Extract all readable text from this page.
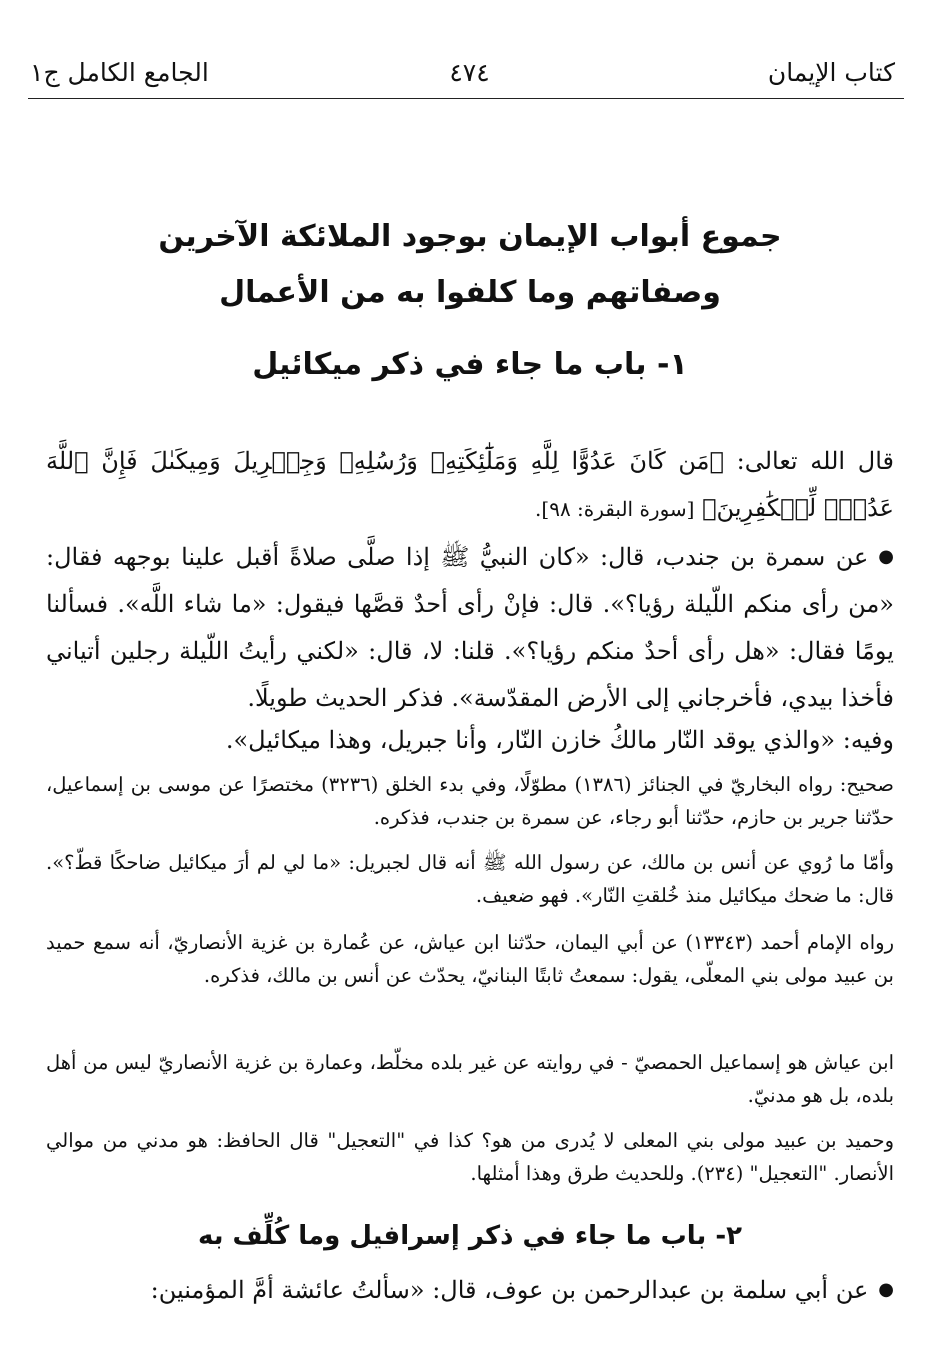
كتاب الإيمان
٤٧٤
الجامع الكامل ج١
جموع أبواب الإيمان بوجود الملائكة الآخرين
وصفاتهم وما كلفوا به من الأعمال
١- باب ما جاء في ذكر ميكائيل
قال الله تعالى: ﴿مَن كَانَ عَدُوًّا لِلَّهِ وَمَلَٰٓئِكَتِهِۦ وَرُسُلِهِۦ وَجِبۡرِيلَ وَمِيكَىٰلَ فَإِنَّ ٱللَّهَ عَدُوّٞ لِّلۡكَٰفِرِينَ﴾ [سورة البقرة: ٩٨].
●عن سمرة بن جندب، قال: «كان النبيُّ ﷺ إذا صلَّى صلاةً أقبل علينا بوجهه فقال: «من رأى منكم اللّيلة رؤيا؟». قال: فإنْ رأى أحدٌ قصَّها فيقول: «ما شاء اللَّه». فسألنا يومًا فقال: «هل رأى أحدٌ منكم رؤيا؟». قلنا: لا، قال: «لكني رأيتُ اللّيلة رجلين أتياني فأخذا بيدي، فأخرجاني إلى الأرض المقدّسة». فذكر الحديث طويلًا.
وفيه: «والذي يوقد النّار مالكُ خازن النّار، وأنا جبريل، وهذا ميكائيل».
صحيح: رواه البخاريّ في الجنائز (١٣٨٦) مطوّلًا، وفي بدء الخلق (٣٢٣٦) مختصرًا عن موسى بن إسماعيل، حدّثنا جرير بن حازم، حدّثنا أبو رجاء، عن سمرة بن جندب، فذكره.
وأمّا ما رُوي عن أنس بن مالك، عن رسول الله ﷺ أنه قال لجبريل: «ما لي لم أرَ ميكائيل ضاحكًا قطّ؟». قال: ما ضحك ميكائيل منذ خُلقتِ النّار». فهو ضعيف.
رواه الإمام أحمد (١٣٣٤٣) عن أبي اليمان، حدّثنا ابن عياش، عن عُمارة بن غزية الأنصاريّ، أنه سمع حميد بن عبيد مولى بني المعلّى، يقول: سمعتُ ثابتًا البنانيّ، يحدّث عن أنس بن مالك، فذكره.
ابن عياش هو إسماعيل الحمصيّ - في روايته عن غير بلده مخلّط، وعمارة بن غزية الأنصاريّ ليس من أهل بلده، بل هو مدنيّ.
وحميد بن عبيد مولى بني المعلى لا يُدرى من هو؟ كذا في "التعجيل" قال الحافظ: هو مدني من موالي الأنصار. "التعجيل" (٢٣٤). وللحديث طرق وهذا أمثلها.
٢- باب ما جاء في ذكر إسرافيل وما كُلِّف به
●عن أبي سلمة بن عبدالرحمن بن عوف، قال: «سألتُ عائشة أمَّ المؤمنين:
